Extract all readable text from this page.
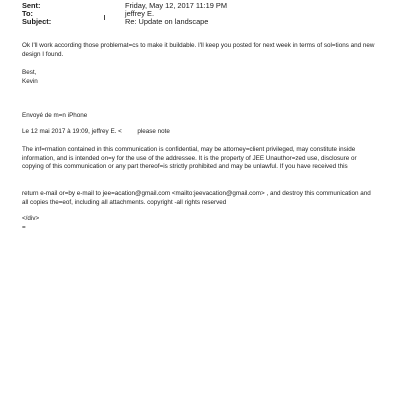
Sent:	Friday, May 12, 2017 11:19 PM
To:	jeffrey E.
Subject:	Re: Update on landscape
Ok I'll work according those problemat=cs to make it buildable. I'll keep you posted for next week in terms of sol=tions and new design I found.
Best,
Kevin
Envoyé de m=n iPhone
Le 12 mai 2017 à 19:09, jeffrey E. < please note
The inf=rmation contained in this communication is confidential, may be attorney=client privileged, may constitute inside information, and is intended on=y for the use of the addressee. It is the property of JEE Unauthor=zed use, disclosure or copying of this communication or any part thereof=is strictly prohibited and may be unlawful. If you have received this
return e-mail or=by e-mail to jee=acation@gmail.com <mailto:jeevacation@gmail.com> , and destroy this communication and all copies the=eof, including all attachments. copyright -all rights reserved
</div>
=
